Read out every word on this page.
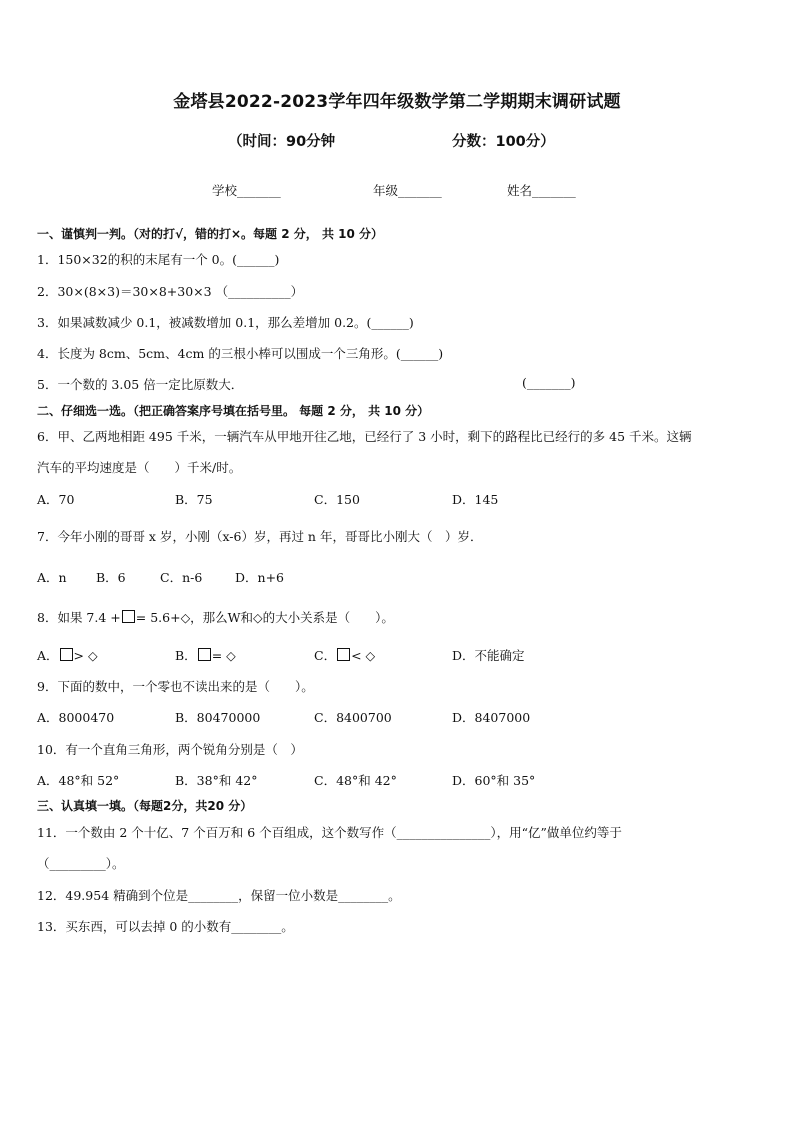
金塔县2022-2023学年四年级数学第二学期期末调研试题
（时间：90分钟	分数：100分）
学校_______	年级_______	姓名_______
一、谨慎判一判。（对的打√，错的打×。每题 2 分， 共 10 分）
1．150×32的积的末尾有一个 0。(______)
2．30×(8×3)＝30×8+30×3 （__________）
3．如果减数减少 0.1，被减数增加 0.1，那么差增加 0.2。(______)
4．长度为 8cm、5cm、4cm 的三根小棒可以围成一个三角形。(______)
5．一个数的 3.05 倍一定比原数大．	(_______)
二、仔细选一选。（把正确答案序号填在括号里。 每题 2 分， 共 10 分）
6．甲、乙两地相距 495 千米，一辆汽车从甲地开往乙地，已经行了 3 小时，剩下的路程比已经行的多 45 千米。这辆
汽车的平均速度是（　　）千米/时。
A．70	B．75	C．150	D．145
7．今年小刚的哥哥 x 岁，小刚（x-6）岁，再过 n 年，哥哥比小刚大（　）岁．
A．n B．6	C．n-6	D．n+6
8．如果 7.4 + = 5.6+◇，那么W和◇的大小关系是（　　）。
A． > ◇	B． = ◇	C． < ◇	D．不能确定
9．下面的数中，一个零也不读出来的是（　　）。
A．8000470	B．80470000	C．8400700	D．8407000
10．有一个直角三角形，两个锐角分别是（　）
A．48°和 52°	B．38°和 42°	C．48°和 42°	D．60°和 35°
三、认真填一填。（每题2分，共20 分）
11．一个数由 2 个十亿、7 个百万和 6 个百组成，这个数写作（_______________），用“亿”做单位约等于
（_________）。
12．49.954 精确到个位是________，保留一位小数是________。
13．买东西，可以去掉 0 的小数有________。
